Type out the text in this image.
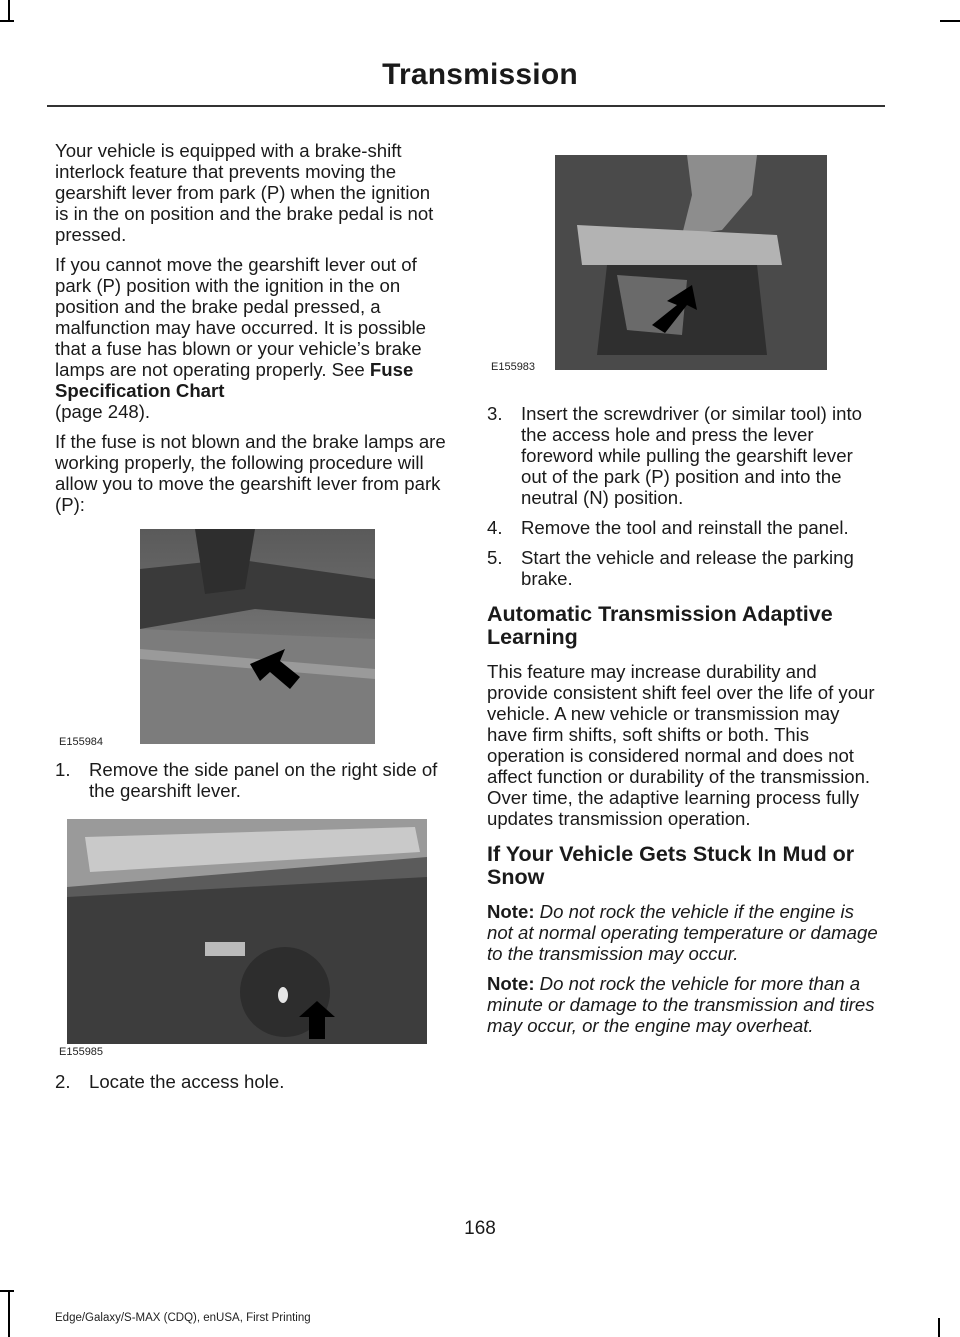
Transmission

Your vehicle is equipped with a brake-shift interlock feature that prevents moving the gearshift lever from park (P) when the ignition is in the on position and the brake pedal is not pressed.

If you cannot move the gearshift lever out of park (P) position with the ignition in the on position and the brake pedal pressed, a malfunction may have occurred. It is possible that a fuse has blown or your vehicle’s brake lamps are not operating properly. See Fuse Specification Chart
(page 248).

If the fuse is not blown and the brake lamps are working properly, the following procedure will allow you to move the gearshift lever from park (P):

E155984
1. Remove the side panel on the right side of the gearshift lever.
E155985
2. Locate the access hole.
E155983
3. Insert the screwdriver (or similar tool) into the access hole and press the lever foreword while pulling the gearshift lever out of the park (P) position and into the neutral (N) position.
4. Remove the tool and reinstall the panel.
5. Start the vehicle and release the parking brake.
Automatic Transmission Adaptive Learning

This feature may increase durability and provide consistent shift feel over the life of your vehicle. A new vehicle or transmission may have firm shifts, soft shifts or both. This operation is considered normal and does not affect function or durability of the transmission. Over time, the adaptive learning process fully updates transmission operation.

If Your Vehicle Gets Stuck In Mud or Snow

Note: Do not rock the vehicle if the engine is not at normal operating temperature or damage to the transmission may occur.

Note: Do not rock the vehicle for more than a minute or damage to the transmission and tires may occur, or the engine may overheat.

168
Edge/Galaxy/S-MAX (CDQ), enUSA, First Printing
